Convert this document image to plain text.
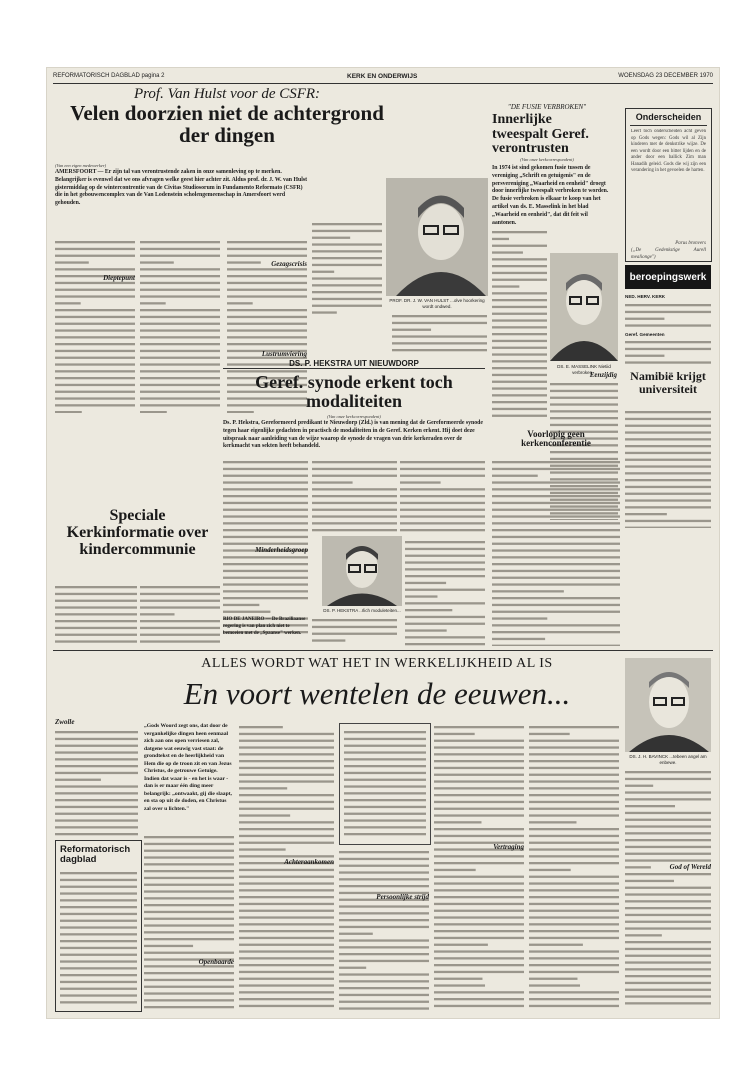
REFORMATORISCH DAGBLAD pagina 2	KERK EN ONDERWIJS	WOENSDAG 23 DECEMBER 1970
Prof. Van Hulst voor de CSFR:
Velen doorzien niet de achtergrond der dingen
(Van een eigen medewerker)
AMERSFOORT — Er zijn tal van verontrustende zaken in onze samenleving op te merken. Belangrijker is evenwel dat we ons afvragen welke geest hier achter zit. Aldus prof. dr. J. W. van Hulst gistermiddag op de wintercontrentie van de Civitas Studiosorum in Fundamento Reformato (CSFR) die in het gebouwencomplex van de Van Lodenstein scholengemeenschap in Amersfoort werd gehouden.
Dieptepunt
Gezagscrisis
Lustrumviering
PROF. DR. J. W. VAN HULST ...olve hoorkering wordt ondwed.
"DE FUSIE VERBROKEN"
Innerlijke tweespalt Geref. verontrusten
(Van onze kerkcorrespondent)
In 1974 ist sind gekomen fusie tussen de vereniging „Schrift en getuigenis" en de persvereniging „Waarheid en eenheid" droegt door innerlijke tweespalt verbroken te worden. De fusie verbroken is elkaar te koop van het artikel van ds. E. Masselink in het blad „Waarheid en eenheid", dat dit feit wil aantonen.
DS. E. MASSELINK Nietiid verbroken...
Eenzijdig
Onderscheiden
Leert toch onderscheiden acht geven op Gods wegen: Gods wil al Zijn kinderen met de denkstrike wijze. De een wordt door een bitter lijden en de ander door een ballick Zim man Hanadih geleid. Gods die wij zijn een verandering in het gevoelen de harten.
Parus bronvers
(„De Gedenkstige Aurell mealionge")
beroepingswerk
NED. HERV. KERK
Geref. Gemeenten
Namibië krijgt universiteit
DS. P. HEKSTRA UIT NIEUWDORP
Geref. synode erkent toch modaliteiten
(Van onze kerkcorrespondent)
Ds. P. Hekstra, Gereformeerd predikant te Nieuwdorp (Zld.) is van mening dat de Gereformeerde synode tegen haar eigenlijke gedachten in practisch de modaliteiten in de Geref. Kerken erkent. Hij doet deze uitspraak naar aanleiding van de wijze waarop de synode de vragen van drie kerkeraden over de kerkmacht van sekten heeft behandeld.
Minderheidsgroep
DS. P. HEKSTRA ..rlich moduleteiten...
RIO DE JANEIRO — De Braziliaanse regering is van plan zich niet te bemoeien met de „Spaanse" werken.
Voorlopig geen kerkenconferentie
Speciale Kerkinformatie over kindercommunie
ALLES WORDT WAT HET IN WERKELIJKHEID AL IS
En voort wentelen de eeuwen...
DS. J. H. BAVINCK ...tebeen angel am enbewe.
Zwolle
Reformatorisch dagblad
„Gods Woord zegt ons, dat door de vergankelijke dingen heen eenmaal zich aan ons open verriesen zal, datgene wat eeuwig vast staat: de grondtekst en de heerlijkheid van Hem die op de troon zit en van Jezus Christus, de getrouwe Getuige. Indien dat waar is - en het is waar - dan is er maar één ding meer belangrijk: „ontwaakt, gij die slaapt, en sta op uit de doden, en Christus zal over u lichten."
Openbaarde
Achteraankomen
Persoonlijke strijd
Vertraging
God of Wereld
